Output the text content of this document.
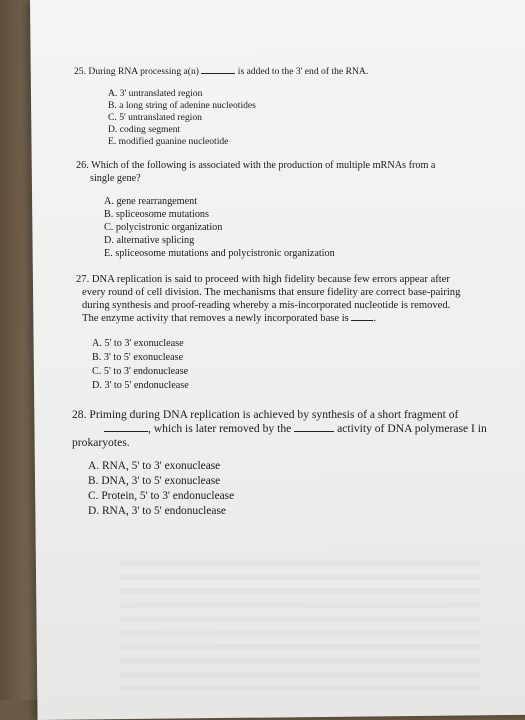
25. During RNA processing a(n)	is added to the 3' end of the RNA.
A. 3' untranslated region
B. a long string of adenine nucleotides
C. 5' untranslated region
D. coding segment
E. modified guanine nucleotide
26. Which of the following is associated with the production of multiple mRNAs from a
single gene?
A. gene rearrangement
B. spliceosome mutations
C. polycistronic organization
D. alternative splicing
E. spliceosome mutations and polycistronic organization
27. DNA replication is said to proceed with high fidelity because few errors appear after
every round of cell division. The mechanisms that ensure fidelity are correct base-pairing
during synthesis and proof-reading whereby a mis-incorporated nucleotide is removed.
The enzyme activity that removes a newly incorporated base is .
A. 5' to 3' exonuclease
B. 3' to 5' exonuclease
C. 5' to 3' endonuclease
D. 3' to 5' endonuclease
28. Priming during DNA replication is achieved by synthesis of a short fragment of
, which is later removed by the	activity of DNA polymerase I in
prokaryotes.
A. RNA, 5' to 3' exonuclease
B. DNA, 3' to 5' exonuclease
C. Protein, 5' to 3' endonuclease
D. RNA, 3' to 5' endonuclease
